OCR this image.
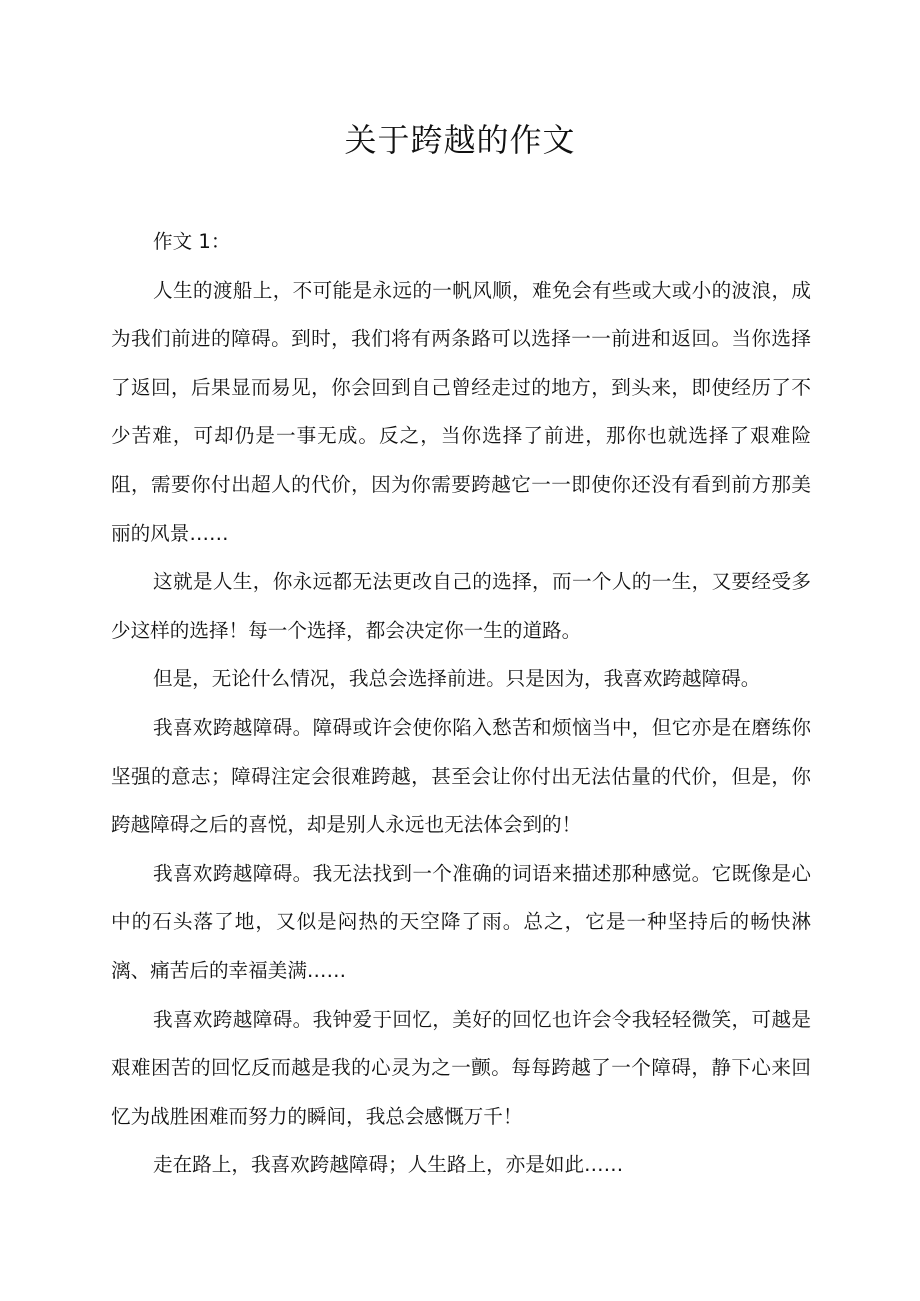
关于跨越的作文

作文 1：

人生的渡船上，不可能是永远的一帆风顺，难免会有些或大或小的波浪，成为我们前进的障碍。到时，我们将有两条路可以选择一一前进和返回。当你选择了返回，后果显而易见，你会回到自己曾经走过的地方，到头来，即使经历了不少苦难，可却仍是一事无成。反之，当你选择了前进，那你也就选择了艰难险阻，需要你付出超人的代价，因为你需要跨越它一一即使你还没有看到前方那美丽的风景……

这就是人生，你永远都无法更改自己的选择，而一个人的一生，又要经受多少这样的选择！每一个选择，都会决定你一生的道路。

但是，无论什么情况，我总会选择前进。只是因为，我喜欢跨越障碍。

我喜欢跨越障碍。障碍或许会使你陷入愁苦和烦恼当中，但它亦是在磨练你坚强的意志；障碍注定会很难跨越，甚至会让你付出无法估量的代价，但是，你跨越障碍之后的喜悦，却是别人永远也无法体会到的！

我喜欢跨越障碍。我无法找到一个准确的词语来描述那种感觉。它既像是心中的石头落了地，又似是闷热的天空降了雨。总之，它是一种坚持后的畅快淋漓、痛苦后的幸福美满……

我喜欢跨越障碍。我钟爱于回忆，美好的回忆也许会令我轻轻微笑，可越是艰难困苦的回忆反而越是我的心灵为之一颤。每每跨越了一个障碍，静下心来回忆为战胜困难而努力的瞬间，我总会感慨万千！

走在路上，我喜欢跨越障碍；人生路上，亦是如此……
